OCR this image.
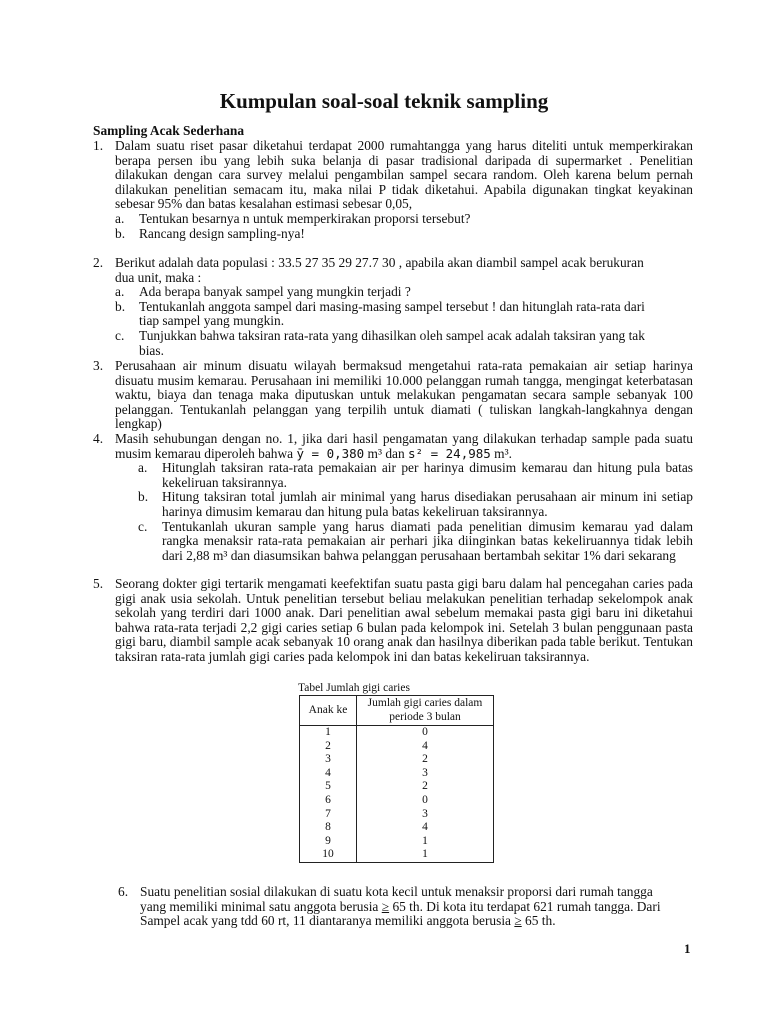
Kumpulan soal-soal teknik sampling
Sampling Acak Sederhana
1. Dalam suatu riset pasar diketahui terdapat 2000 rumahtangga yang harus diteliti untuk memperkirakan berapa persen ibu yang lebih suka belanja di pasar tradisional daripada di supermarket . Penelitian dilakukan dengan cara survey melalui pengambilan sampel secara random. Oleh karena belum pernah dilakukan penelitian semacam itu, maka nilai P tidak diketahui. Apabila digunakan tingkat keyakinan sebesar 95% dan batas kesalahan estimasi sebesar 0,05,
a. Tentukan besarnya n untuk memperkirakan proporsi tersebut?
b. Rancang design sampling-nya!
2. Berikut adalah data populasi : 33.5 27 35 29 27.7 30 , apabila akan diambil sampel acak berukuran dua unit, maka :
a. Ada berapa banyak sampel yang mungkin terjadi ?
b. Tentukanlah anggota sampel dari masing-masing sampel tersebut ! dan hitunglah rata-rata dari tiap sampel yang mungkin.
c. Tunjukkan bahwa taksiran rata-rata yang dihasilkan oleh sampel acak adalah taksiran yang tak bias.
3. Perusahaan air minum disuatu wilayah bermaksud mengetahui rata-rata pemakaian air setiap harinya disuatu musim kemarau. Perusahaan ini memiliki 10.000 pelanggan rumah tangga, mengingat keterbatasan waktu, biaya dan tenaga maka diputuskan untuk melakukan pengamatan secara sample sebanyak 100 pelanggan. Tentukanlah pelanggan yang terpilih untuk diamati ( tuliskan langkah-langkahnya dengan lengkap)
4. Masih sehubungan dengan no. 1, jika dari hasil pengamatan yang dilakukan terhadap sample pada suatu musim kemarau diperoleh bahwa ȳ = 0,380 m³ dan s² = 24,985 m³.
a. Hitunglah taksiran rata-rata pemakaian air per harinya dimusim kemarau dan hitung pula batas kekeliruan taksirannya.
b. Hitung taksiran total jumlah air minimal yang harus disediakan perusahaan air minum ini setiap harinya dimusim kemarau dan hitung pula batas kekeliruan taksirannya.
c. Tentukanlah ukuran sample yang harus diamati pada penelitian dimusim kemarau yad dalam rangka menaksir rata-rata pemakaian air perhari jika diinginkan batas kekeliruannya tidak lebih dari 2,88 m³ dan diasumsikan bahwa pelanggan perusahaan bertambah sekitar 1% dari sekarang
5. Seorang dokter gigi tertarik mengamati keefektifan suatu pasta gigi baru dalam hal pencegahan caries pada gigi anak usia sekolah. Untuk penelitian tersebut beliau melakukan penelitian terhadap sekelompok anak sekolah yang terdiri dari 1000 anak. Dari penelitian awal sebelum memakai pasta gigi baru ini diketahui bahwa rata-rata terjadi 2,2 gigi caries setiap 6 bulan pada kelompok ini. Setelah 3 bulan penggunaan pasta gigi baru, diambil sample acak sebanyak 10 orang anak dan hasilnya diberikan pada table berikut. Tentukan taksiran rata-rata jumlah gigi caries pada kelompok ini dan batas kekeliruan taksirannya.
Tabel Jumlah gigi caries
Anak ke	Jumlah gigi caries dalam periode 3 bulan
1	0
2	4
3	2
4	3
5	2
6	0
7	3
8	4
9	1
10	1
6. Suatu penelitian sosial dilakukan di suatu kota kecil untuk menaksir proporsi dari rumah tangga
yang memiliki minimal satu anggota berusia ≥ 65 th. Di kota itu terdapat 621 rumah tangga. Dari
Sampel acak yang tdd 60 rt, 11 diantaranya memiliki anggota berusia ≥ 65 th.
1
